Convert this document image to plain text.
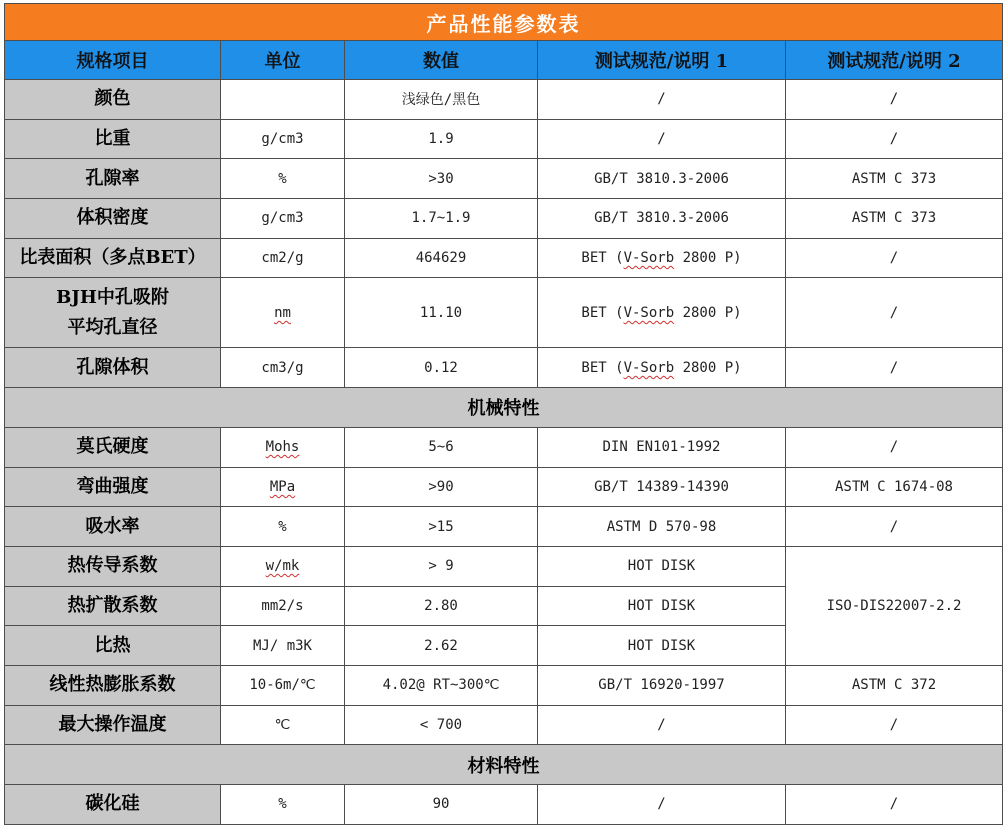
产品性能参数表				
规格项目	单位	数值	测试规范/说明 1	测试规范/说明 2
颜色		浅绿色/黑色	/	/
比重	g/cm3	1.9	/	/
孔隙率	%	>30	GB/T 3810.3-2006	ASTM C 373
体积密度	g/cm3	1.7~1.9	GB/T 3810.3-2006	ASTM C 373
比表面积（多点BET）	cm2/g	464629	BET (V-Sorb 2800 P)	/
BJH中孔吸附
平均孔直径	nm	11.10	BET (V-Sorb 2800 P)	/
孔隙体积	cm3/g	0.12	BET (V-Sorb 2800 P)	/
机械特性				
莫氏硬度	Mohs	5~6	DIN EN101-1992	/
弯曲强度	MPa	>90	GB/T 14389-14390	ASTM C 1674-08
吸水率	%	>15	ASTM D 570-98	/
热传导系数	w/mk	> 9	HOT DISK	ISO-DIS22007-2.2
热扩散系数	mm2/s	2.80	HOT DISK	
比热	MJ/ m3K	2.62	HOT DISK	
线性热膨胀系数	10-6m/℃	4.02@ RT~300℃	GB/T 16920-1997	ASTM C 372
最大操作温度	℃	< 700	/	/
材料特性				
碳化硅	%	90	/	/
